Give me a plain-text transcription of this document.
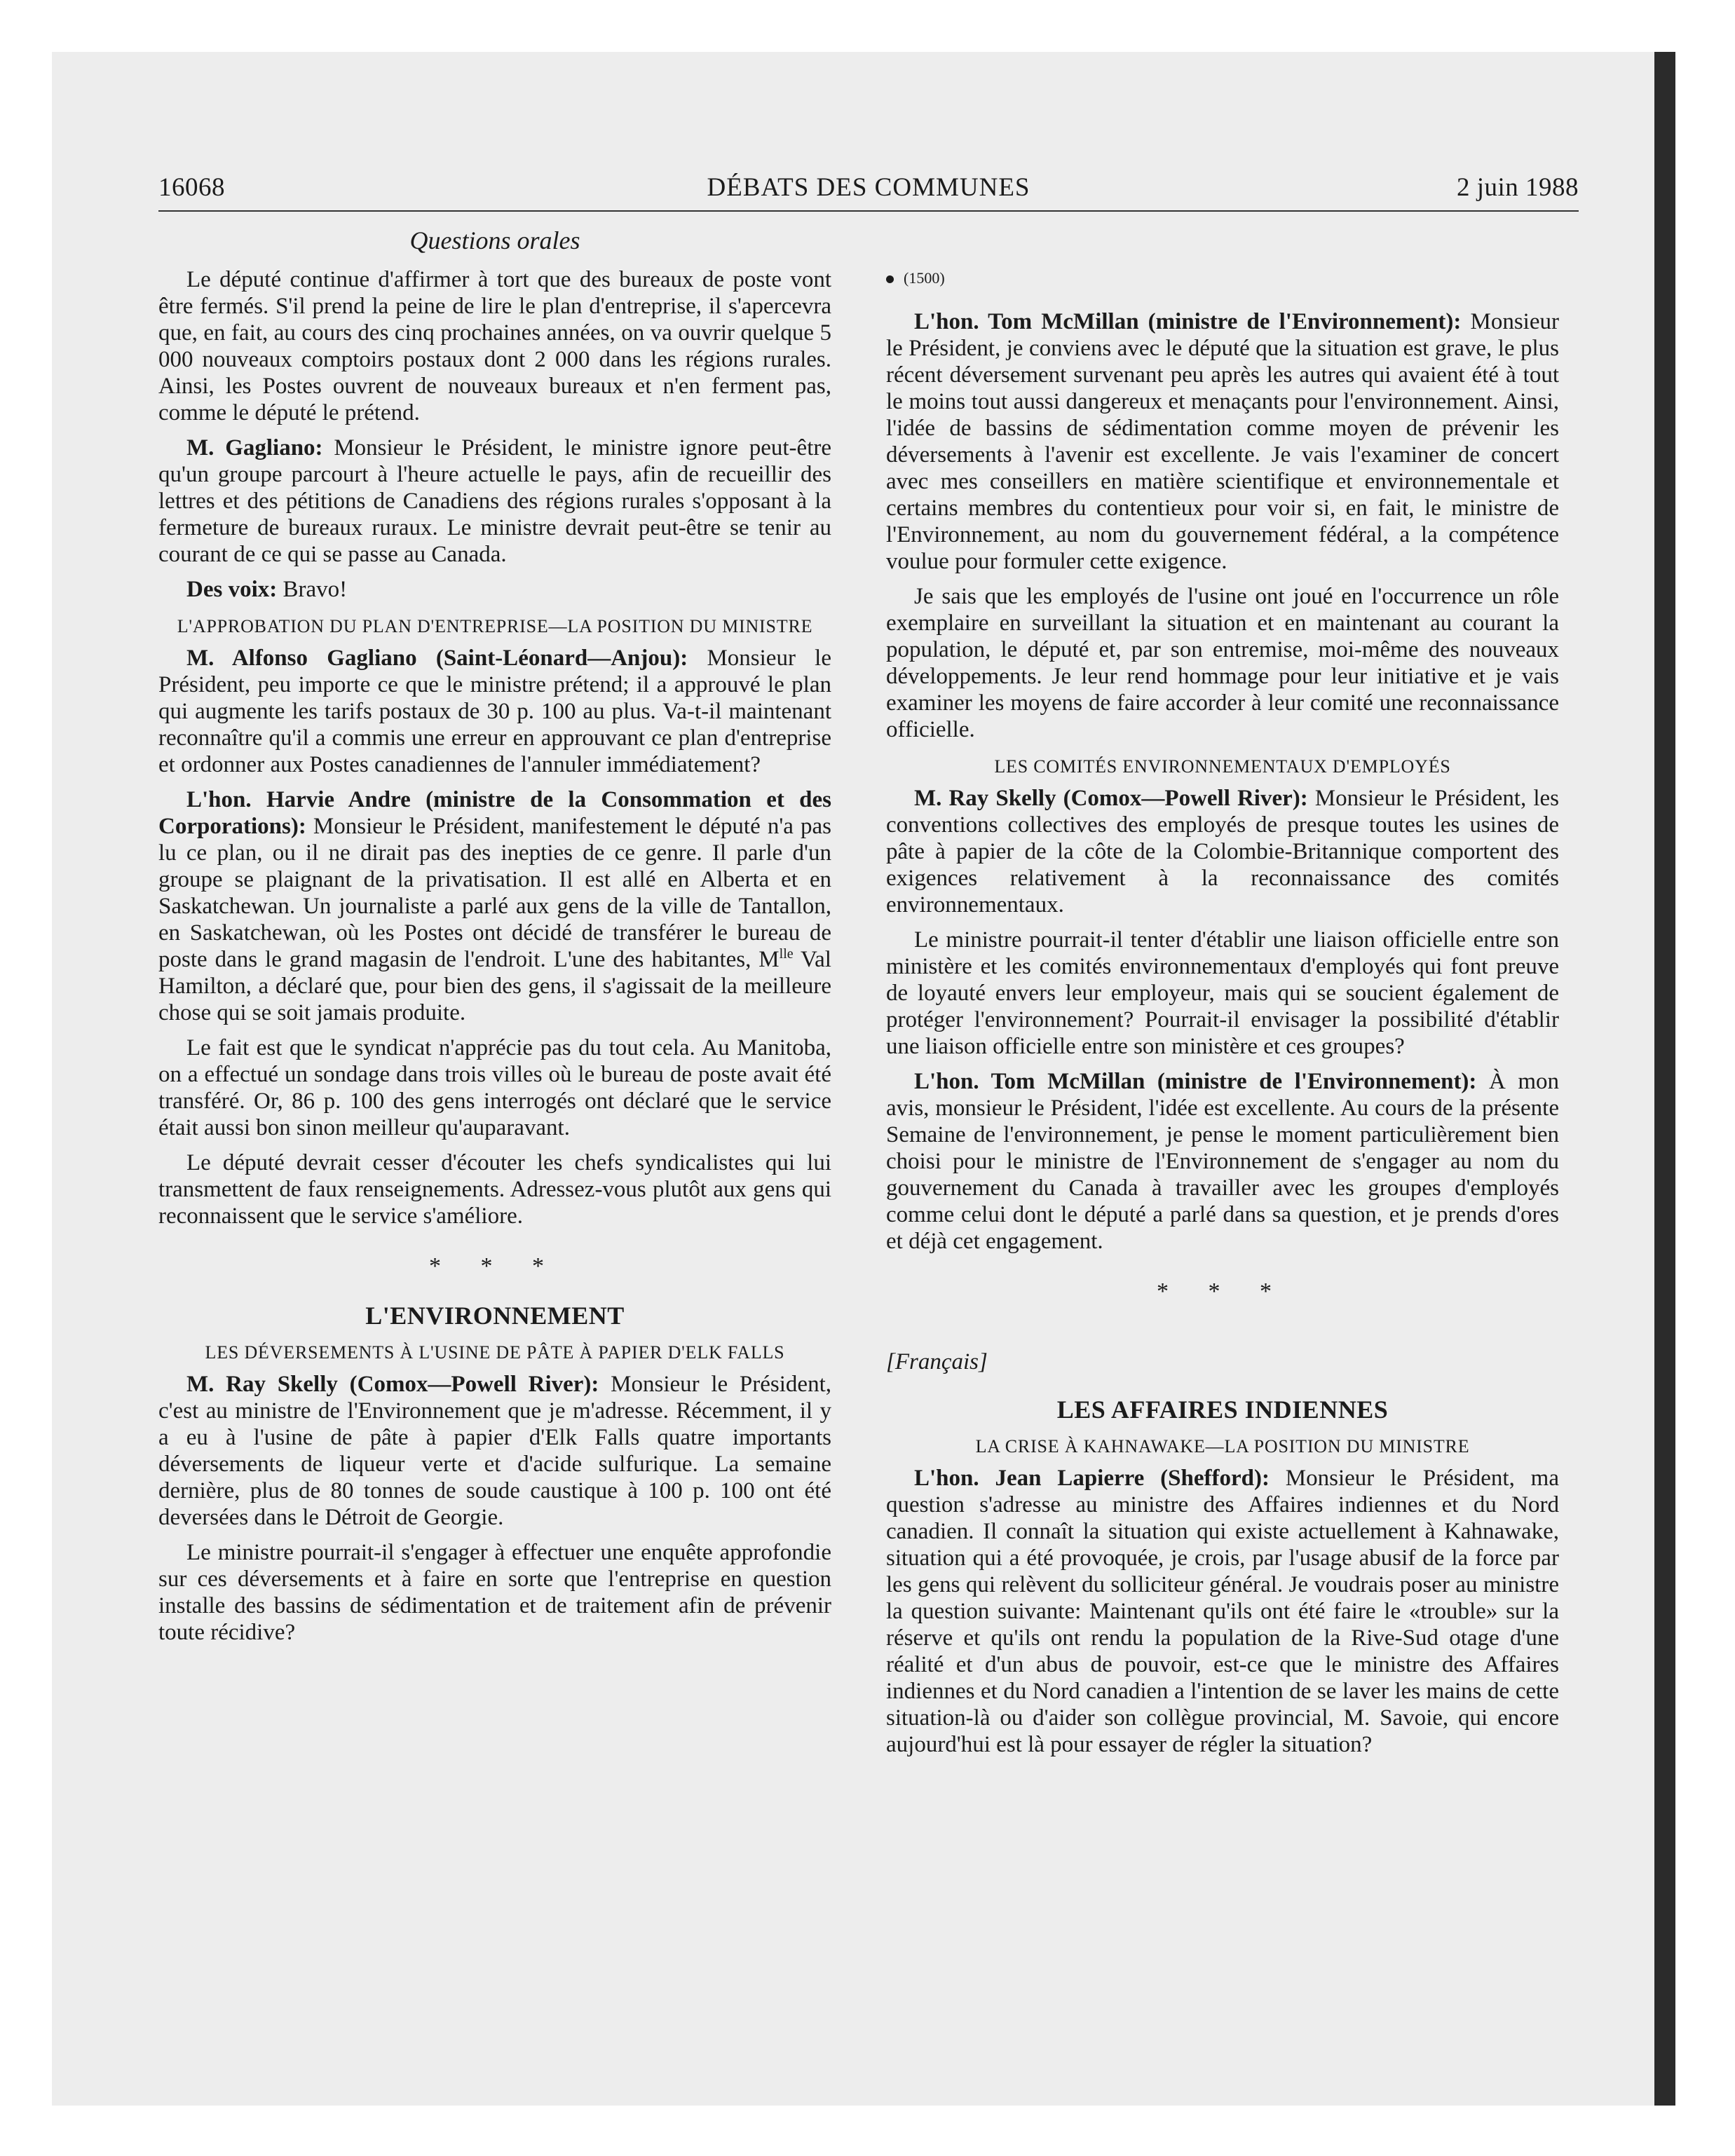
16068	DÉBATS DES COMMUNES	2 juin 1988
Questions orales

Le député continue d'affirmer à tort que des bureaux de poste vont être fermés. S'il prend la peine de lire le plan d'entreprise, il s'apercevra que, en fait, au cours des cinq prochaines années, on va ouvrir quelque 5 000 nouveaux comptoirs postaux dont 2 000 dans les régions rurales. Ainsi, les Postes ouvrent de nouveaux bureaux et n'en ferment pas, comme le député le prétend.

M. Gagliano: Monsieur le Président, le ministre ignore peut-être qu'un groupe parcourt à l'heure actuelle le pays, afin de recueillir des lettres et des pétitions de Canadiens des régions rurales s'opposant à la fermeture de bureaux ruraux. Le ministre devrait peut-être se tenir au courant de ce qui se passe au Canada.

Des voix: Bravo!

L'APPROBATION DU PLAN D'ENTREPRISE—LA POSITION DU MINISTRE

M. Alfonso Gagliano (Saint-Léonard—Anjou): Monsieur le Président, peu importe ce que le ministre prétend; il a approuvé le plan qui augmente les tarifs postaux de 30 p. 100 au plus. Va-t-il maintenant reconnaître qu'il a commis une erreur en approuvant ce plan d'entreprise et ordonner aux Postes canadiennes de l'annuler immédiatement?

L'hon. Harvie Andre (ministre de la Consommation et des Corporations): Monsieur le Président, manifestement le député n'a pas lu ce plan, ou il ne dirait pas des inepties de ce genre. Il parle d'un groupe se plaignant de la privatisation. Il est allé en Alberta et en Saskatchewan. Un journaliste a parlé aux gens de la ville de Tantallon, en Saskatchewan, où les Postes ont décidé de transférer le bureau de poste dans le grand magasin de l'endroit. L'une des habitantes, $M^{lle}$ Val Hamilton, a déclaré que, pour bien des gens, il s'agissait de la meilleure chose qui se soit jamais produite.

Le fait est que le syndicat n'apprécie pas du tout cela. Au Manitoba, on a effectué un sondage dans trois villes où le bureau de poste avait été transféré. Or, 86 p. 100 des gens interrogés ont déclaré que le service était aussi bon sinon meilleur qu'auparavant.

Le député devrait cesser d'écouter les chefs syndicalistes qui lui transmettent de faux renseignements. Adressez-vous plutôt aux gens qui reconnaissent que le service s'améliore.

* * *
L'ENVIRONNEMENT
LES DÉVERSEMENTS À L'USINE DE PÂTE À PAPIER D'ELK FALLS

M. Ray Skelly (Comox—Powell River): Monsieur le Président, c'est au ministre de l'Environnement que je m'adresse. Récemment, il y a eu à l'usine de pâte à papier d'Elk Falls quatre importants déversements de liqueur verte et d'acide sulfurique. La semaine dernière, plus de 80 tonnes de soude caustique à 100 p. 100 ont été deversées dans le Détroit de Georgie.

Le ministre pourrait-il s'engager à effectuer une enquête approfondie sur ces déversements et à faire en sorte que l'entreprise en question installe des bassins de sédimentation et de traitement afin de prévenir toute récidive?

(1500)

L'hon. Tom McMillan (ministre de l'Environnement): Monsieur le Président, je conviens avec le député que la situation est grave, le plus récent déversement survenant peu après les autres qui avaient été à tout le moins tout aussi dangereux et menaçants pour l'environnement. Ainsi, l'idée de bassins de sédimentation comme moyen de prévenir les déversements à l'avenir est excellente. Je vais l'examiner de concert avec mes conseillers en matière scientifique et environnementale et certains membres du contentieux pour voir si, en fait, le ministre de l'Environnement, au nom du gouvernement fédéral, a la compétence voulue pour formuler cette exigence.

Je sais que les employés de l'usine ont joué en l'occurrence un rôle exemplaire en surveillant la situation et en maintenant au courant la population, le député et, par son entremise, moi-même des nouveaux développements. Je leur rend hommage pour leur initiative et je vais examiner les moyens de faire accorder à leur comité une reconnaissance officielle.

LES COMITÉS ENVIRONNEMENTAUX D'EMPLOYÉS

M. Ray Skelly (Comox—Powell River): Monsieur le Président, les conventions collectives des employés de presque toutes les usines de pâte à papier de la côte de la Colombie-Britannique comportent des exigences relativement à la reconnaissance des comités environnementaux.

Le ministre pourrait-il tenter d'établir une liaison officielle entre son ministère et les comités environnementaux d'employés qui font preuve de loyauté envers leur employeur, mais qui se soucient également de protéger l'environnement? Pourrait-il envisager la possibilité d'établir une liaison officielle entre son ministère et ces groupes?

L'hon. Tom McMillan (ministre de l'Environnement): À mon avis, monsieur le Président, l'idée est excellente. Au cours de la présente Semaine de l'environnement, je pense le moment particulièrement bien choisi pour le ministre de l'Environnement de s'engager au nom du gouvernement du Canada à travailler avec les groupes d'employés comme celui dont le député a parlé dans sa question, et je prends d'ores et déjà cet engagement.

* * *
[Français]
LES AFFAIRES INDIENNES
LA CRISE À KAHNAWAKE—LA POSITION DU MINISTRE

L'hon. Jean Lapierre (Shefford): Monsieur le Président, ma question s'adresse au ministre des Affaires indiennes et du Nord canadien. Il connaît la situation qui existe actuellement à Kahnawake, situation qui a été provoquée, je crois, par l'usage abusif de la force par les gens qui relèvent du solliciteur général. Je voudrais poser au ministre la question suivante: Maintenant qu'ils ont été faire le «trouble» sur la réserve et qu'ils ont rendu la population de la Rive-Sud otage d'une réalité et d'un abus de pouvoir, est-ce que le ministre des Affaires indiennes et du Nord canadien a l'intention de se laver les mains de cette situation-là ou d'aider son collègue provincial, M. Savoie, qui encore aujourd'hui est là pour essayer de régler la situation?
